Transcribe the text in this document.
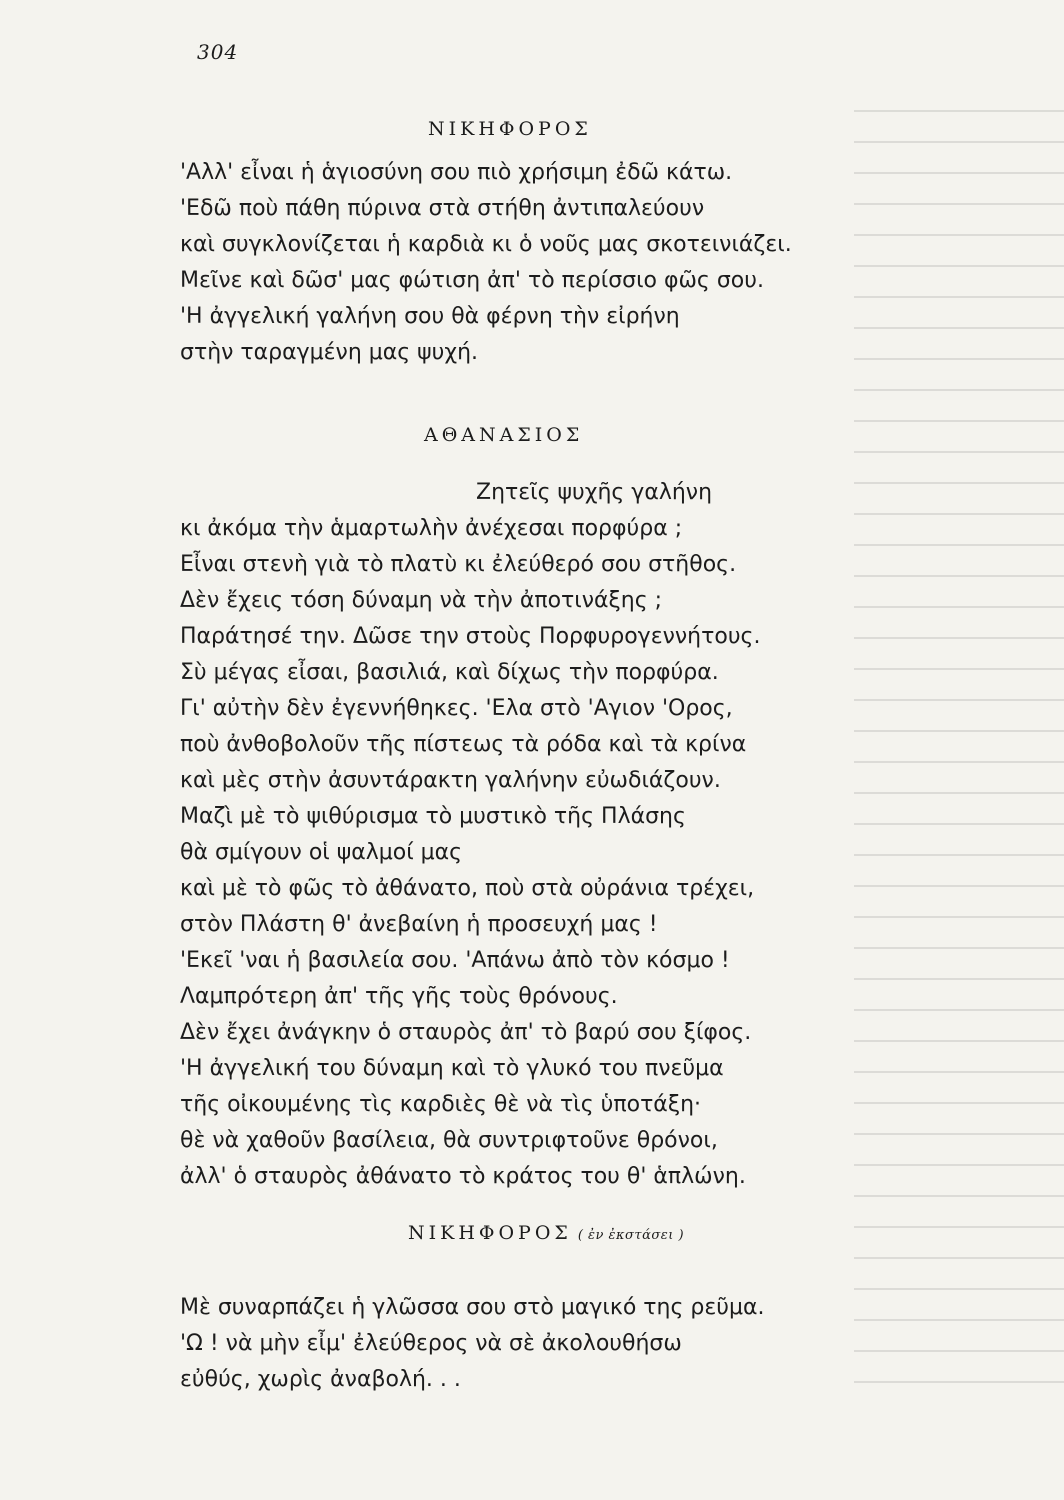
304
ΝΙΚΗΦΟΡΟΣ
'Αλλ' εἶναι ἡ ἁγιοσύνη σου πιὸ χρήσιμη ἐδῶ κάτω.
'Εδῶ ποὺ πάθη πύρινα στὰ στήθη ἀντιπαλεύουν
καὶ συγκλονίζεται ἡ καρδιὰ κι ὁ νοῦς μας σκοτεινιάζει.
Μεῖνε καὶ δῶσ' μας φώτιση ἀπ' τὸ περίσσιο φῶς σου.
'Η ἀγγελική γαλήνη σου θὰ φέρνη τὴν εἰρήνη
στὴν ταραγμένη μας ψυχή.
ΑΘΑΝΑΣΙΟΣ
Ζητεῖς ψυχῆς γαλήνη
κι ἀκόμα τὴν ἁμαρτωλὴν ἀνέχεσαι πορφύρα ;
Εἶναι στενὴ γιὰ τὸ πλατὺ κι ἐλεύθερό σου στῆθος.
Δὲν ἔχεις τόση δύναμη νὰ τὴν ἀποτινάξης ;
Παράτησέ την. Δῶσε την στοὺς Πορφυρογεννήτους.
Σὺ μέγας εἶσαι, βασιλιά, καὶ δίχως τὴν πορφύρα.
Γι' αὐτὴν δὲν ἐγεννήθηκες. 'Ελα στὸ 'Αγιον 'Ορος,
ποὺ ἀνθοβολοῦν τῆς πίστεως τὰ ρόδα καὶ τὰ κρίνα
καὶ μὲς στὴν ἀσυντάρακτη γαλήνην εὐωδιάζουν.
Μαζὶ μὲ τὸ ψιθύρισμα τὸ μυστικὸ τῆς Πλάσης
θὰ σμίγουν οἱ ψαλμοί μας
καὶ μὲ τὸ φῶς τὸ ἀθάνατο, ποὺ στὰ οὐράνια τρέχει,
στὸν Πλάστη θ' ἀνεβαίνη ἡ προσευχή μας !
'Εκεῖ 'ναι ἡ βασιλεία σου. 'Απάνω ἀπὸ τὸν κόσμο !
Λαμπρότερη ἀπ' τῆς γῆς τοὺς θρόνους.
Δὲν ἔχει ἀνάγκην ὁ σταυρὸς ἀπ' τὸ βαρύ σου ξίφος.
'Η ἀγγελική του δύναμη καὶ τὸ γλυκό του πνεῦμα
τῆς οἰκουμένης τὶς καρδιὲς θὲ νὰ τὶς ὑποτάξη·
θὲ νὰ χαθοῦν βασίλεια, θὰ συντριφτοῦνε θρόνοι,
ἀλλ' ὁ σταυρὸς ἀθάνατο τὸ κράτος του θ' ἁπλώνη.
ΝΙΚΗΦΟΡΟΣ ( ἐν ἐκστάσει )
Μὲ συναρπάζει ἡ γλῶσσα σου στὸ μαγικό της ρεῦμα.
'Ω ! νὰ μὴν εἶμ' ἐλεύθερος νὰ σὲ ἀκολουθήσω
εὐθύς, χωρὶς ἀναβολή. . .
